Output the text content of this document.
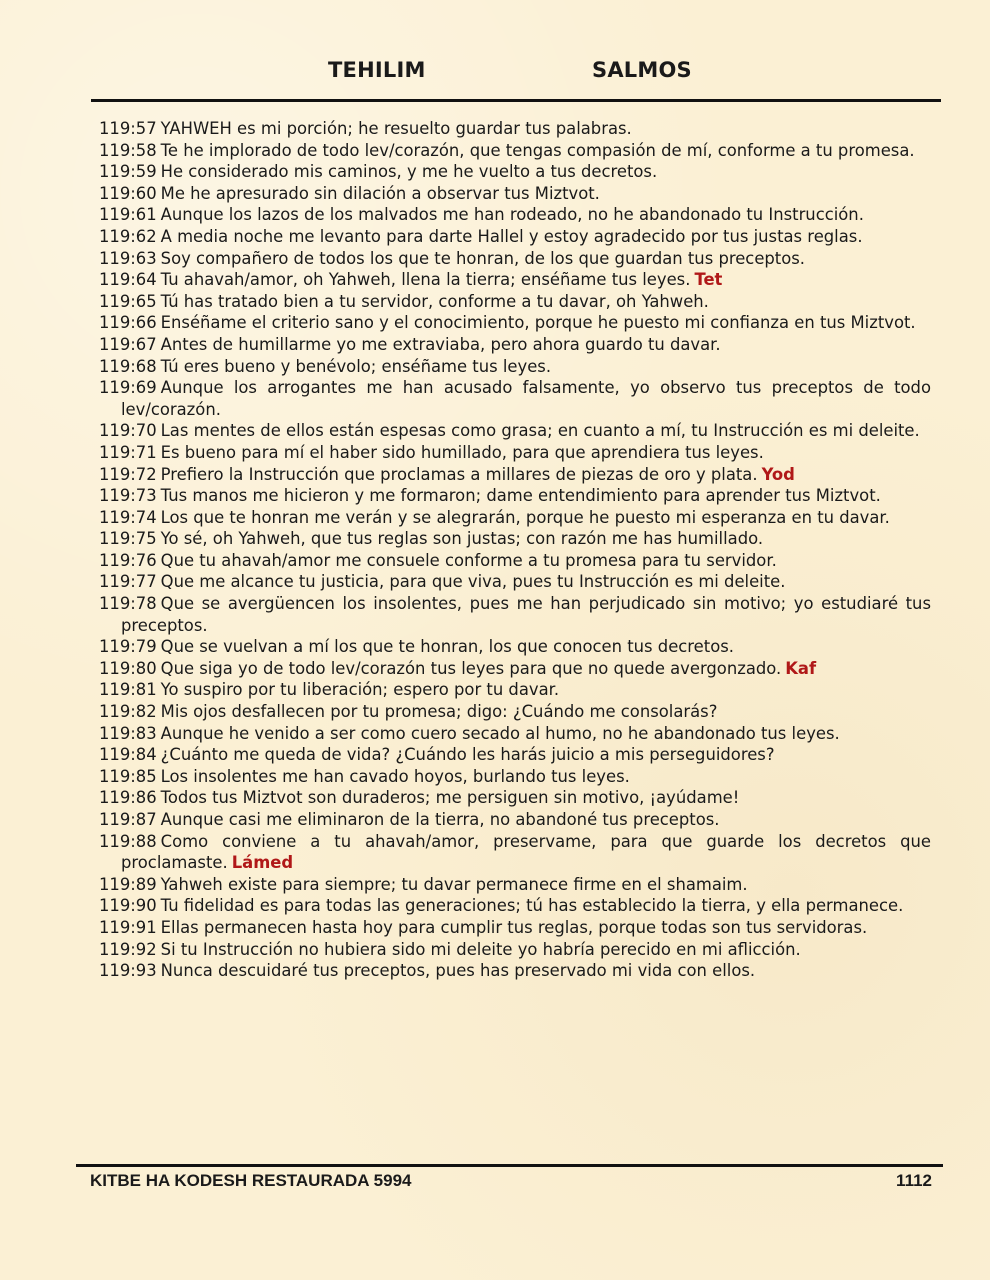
TEHILIM	SALMOS

119:57 YAHWEH es mi porción; he resuelto guardar tus palabras.

119:58 Te he implorado de todo lev/corazón, que tengas compasión de mí, conforme a tu promesa.

119:59 He considerado mis caminos, y me he vuelto a tus decretos.

119:60 Me he apresurado sin dilación a observar tus Miztvot.

119:61 Aunque los lazos de los malvados me han rodeado, no he abandonado tu Instrucción.

119:62 A media noche me levanto para darte Hallel y estoy agradecido por tus justas reglas.

119:63 Soy compañero de todos los que te honran, de los que guardan tus preceptos.

119:64 Tu ahavah/amor, oh Yahweh, llena la tierra; enséñame tus leyes. Tet

119:65 Tú has tratado bien a tu servidor, conforme a tu davar, oh Yahweh.

119:66 Enséñame el criterio sano y el conocimiento, porque he puesto mi confianza en tus Miztvot.

119:67 Antes de humillarme yo me extraviaba, pero ahora guardo tu davar.

119:68 Tú eres bueno y benévolo; enséñame tus leyes.

119:69 Aunque los arrogantes me han acusado falsamente, yo observo tus preceptos de todo lev/corazón.

119:70 Las mentes de ellos están espesas como grasa; en cuanto a mí, tu Instrucción es mi deleite.

119:71 Es bueno para mí el haber sido humillado, para que aprendiera tus leyes.

119:72 Prefiero la Instrucción que proclamas a millares de piezas de oro y plata. Yod

119:73 Tus manos me hicieron y me formaron; dame entendimiento para aprender tus Miztvot.

119:74 Los que te honran me verán y se alegrarán, porque he puesto mi esperanza en tu davar.

119:75 Yo sé, oh Yahweh, que tus reglas son justas; con razón me has humillado.

119:76 Que tu ahavah/amor me consuele conforme a tu promesa para tu servidor.

119:77 Que me alcance tu justicia, para que viva, pues tu Instrucción es mi deleite.

119:78 Que se avergüencen los insolentes, pues me han perjudicado sin motivo; yo estudiaré tus preceptos.

119:79 Que se vuelvan a mí los que te honran, los que conocen tus decretos.

119:80 Que siga yo de todo lev/corazón tus leyes para que no quede avergonzado. Kaf

119:81 Yo suspiro por tu liberación; espero por tu davar.

119:82 Mis ojos desfallecen por tu promesa; digo: ¿Cuándo me consolarás?

119:83 Aunque he venido a ser como cuero secado al humo, no he abandonado tus leyes.

119:84 ¿Cuánto me queda de vida? ¿Cuándo les harás juicio a mis perseguidores?

119:85 Los insolentes me han cavado hoyos, burlando tus leyes.

119:86 Todos tus Miztvot son duraderos; me persiguen sin motivo, ¡ayúdame!

119:87 Aunque casi me eliminaron de la tierra, no abandoné tus preceptos.

119:88 Como conviene a tu ahavah/amor, preservame, para que guarde los decretos que proclamaste. Lámed

119:89 Yahweh existe para siempre; tu davar permanece firme en el shamaim.

119:90 Tu fidelidad es para todas las generaciones; tú has establecido la tierra, y ella permanece.

119:91 Ellas permanecen hasta hoy para cumplir tus reglas, porque todas son tus servidoras.

119:92 Si tu Instrucción no hubiera sido mi deleite yo habría perecido en mi aflicción.

119:93 Nunca descuidaré tus preceptos, pues has preservado mi vida con ellos.

KITBE HA KODESH RESTAURADA 5994	1112
